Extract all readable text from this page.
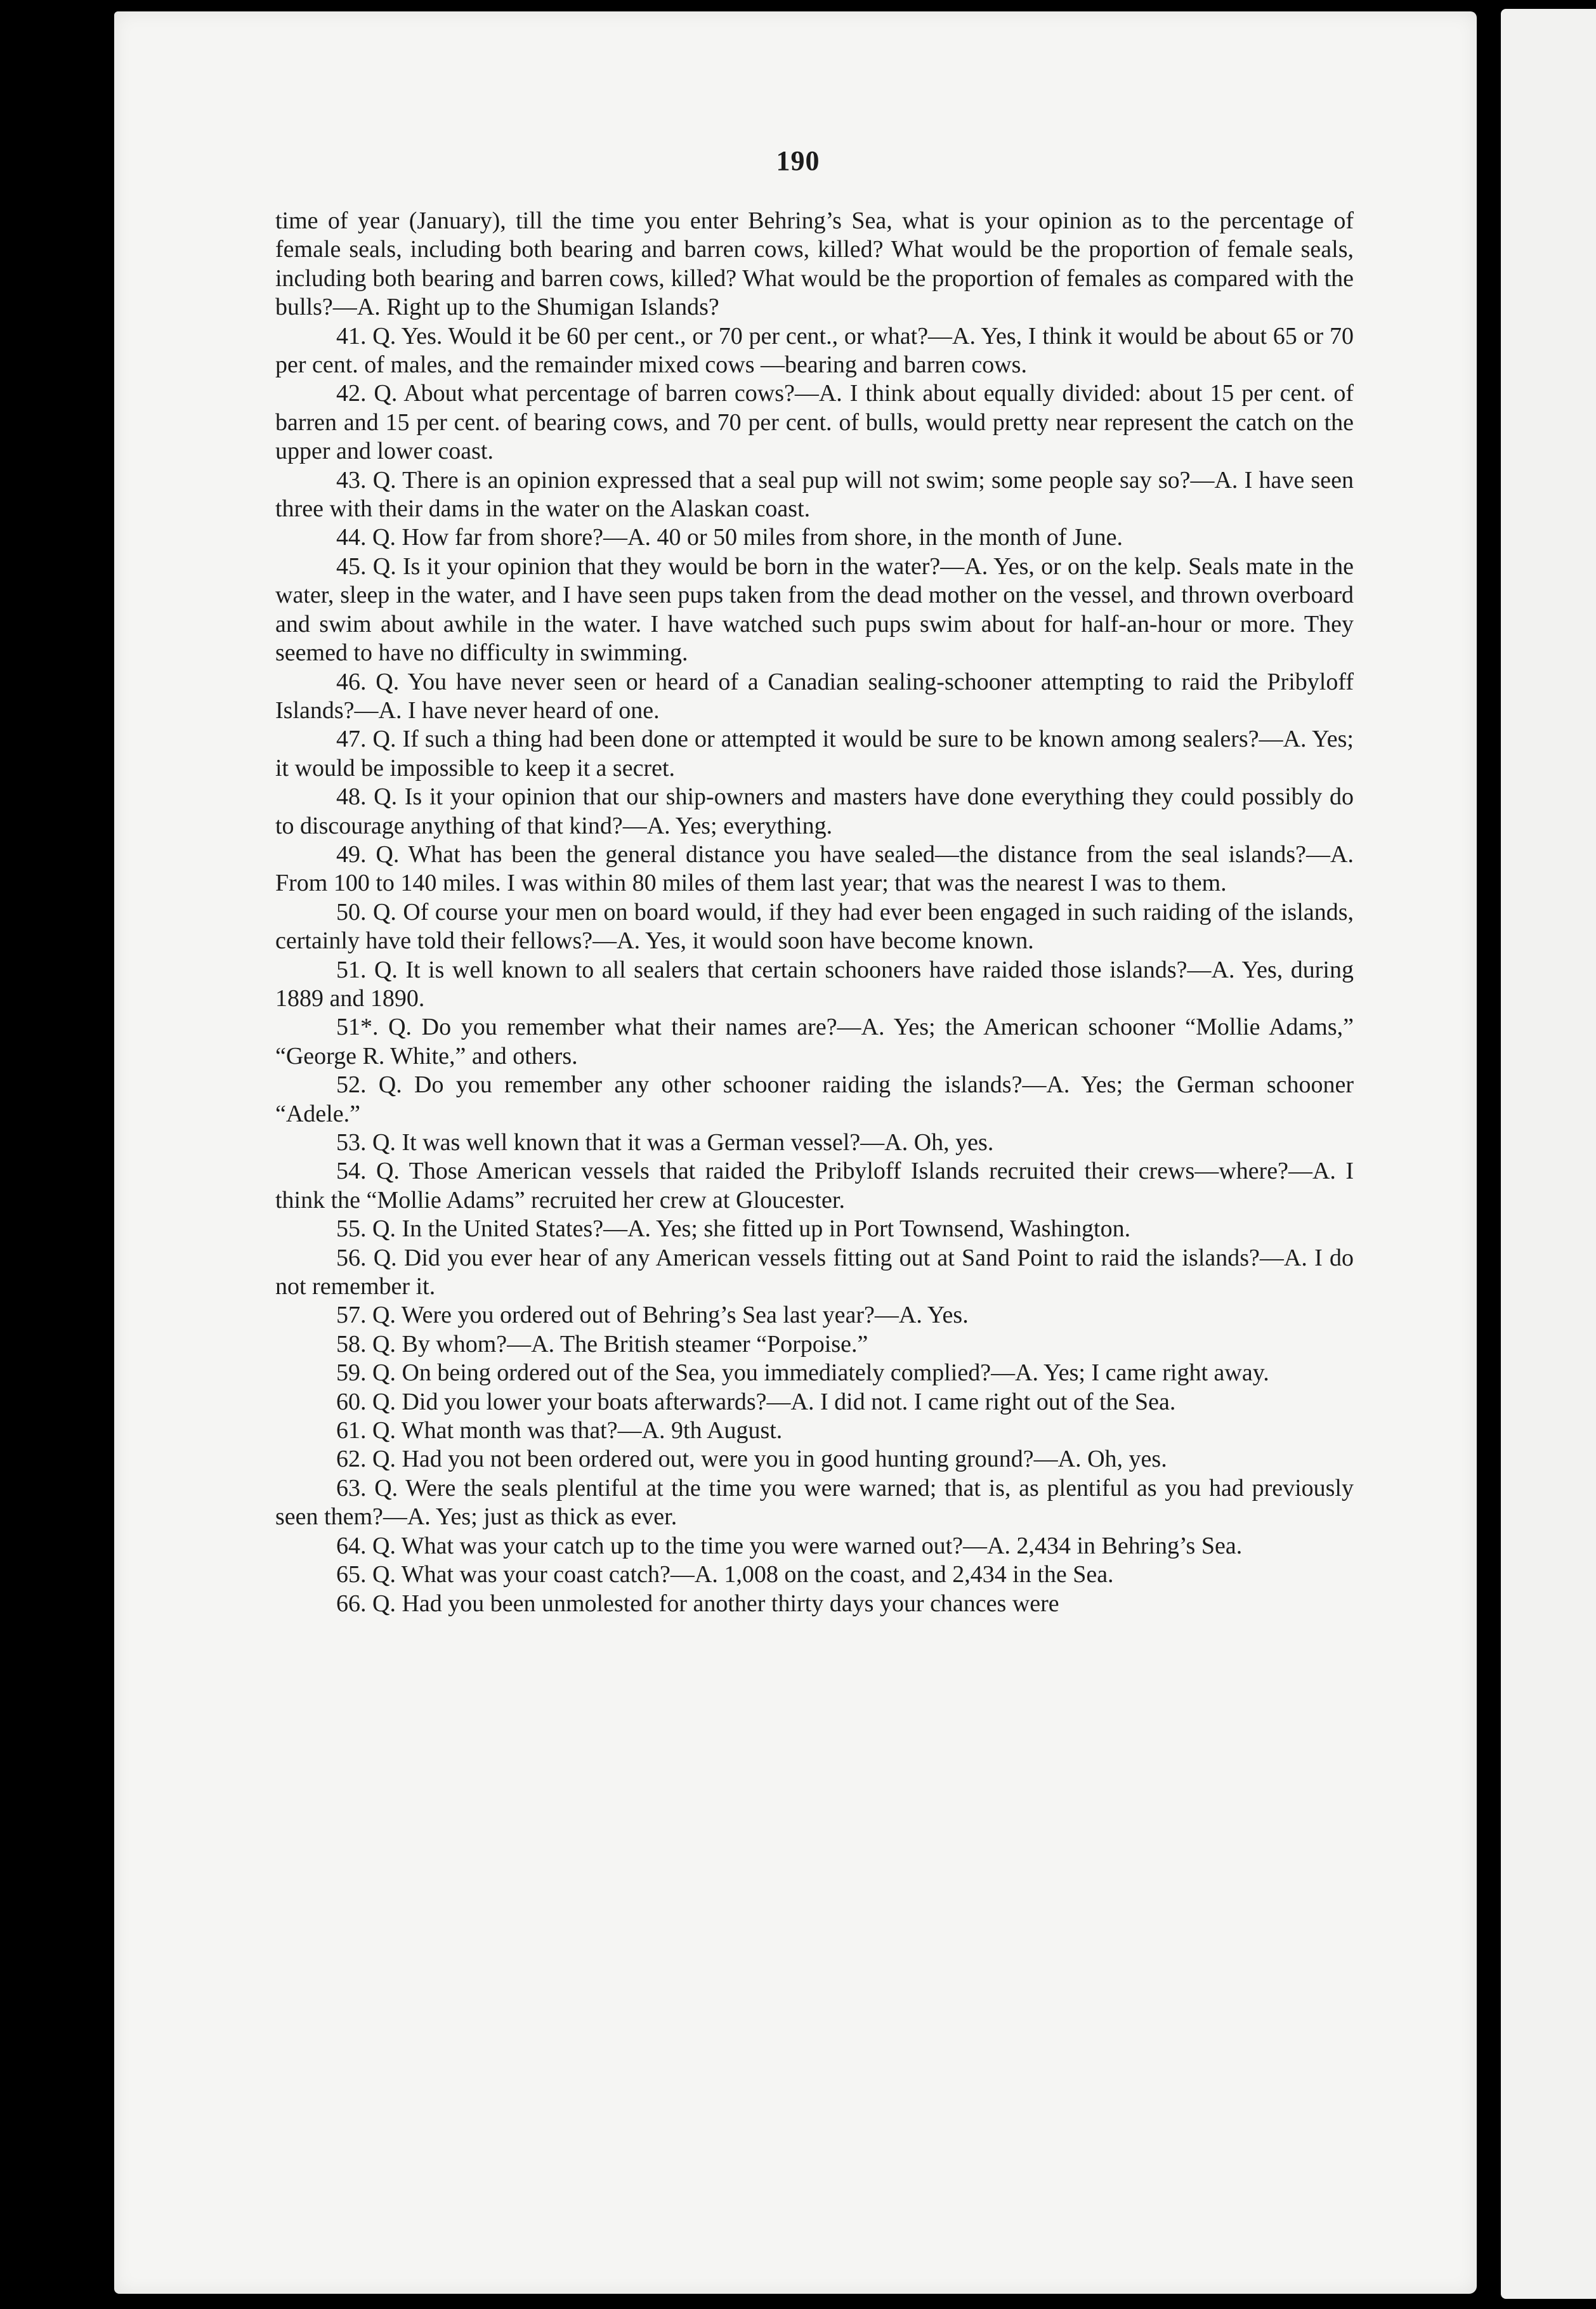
190

time of year (January), till the time you enter Behring’s Sea, what is your opinion as to the percentage of female seals, including both bearing and barren cows, killed? What would be the proportion of female seals, including both bearing and barren cows, killed? What would be the proportion of females as compared with the bulls?—A. Right up to the Shumigan Islands?

41. Q. Yes. Would it be 60 per cent., or 70 per cent., or what?—A. Yes, I think it would be about 65 or 70 per cent. of males, and the remainder mixed cows —bearing and barren cows.

42. Q. About what percentage of barren cows?—A. I think about equally divided: about 15 per cent. of barren and 15 per cent. of bearing cows, and 70 per cent. of bulls, would pretty near represent the catch on the upper and lower coast.

43. Q. There is an opinion expressed that a seal pup will not swim; some people say so?—A. I have seen three with their dams in the water on the Alaskan coast.

44. Q. How far from shore?—A. 40 or 50 miles from shore, in the month of June.

45. Q. Is it your opinion that they would be born in the water?—A. Yes, or on the kelp. Seals mate in the water, sleep in the water, and I have seen pups taken from the dead mother on the vessel, and thrown overboard and swim about awhile in the water. I have watched such pups swim about for half-an-hour or more. They seemed to have no difficulty in swimming.

46. Q. You have never seen or heard of a Canadian sealing-schooner attempting to raid the Pribyloff Islands?—A. I have never heard of one.

47. Q. If such a thing had been done or attempted it would be sure to be known among sealers?—A. Yes; it would be impossible to keep it a secret.

48. Q. Is it your opinion that our ship-owners and masters have done everything they could possibly do to discourage anything of that kind?—A. Yes; everything.

49. Q. What has been the general distance you have sealed—the distance from the seal islands?—A. From 100 to 140 miles. I was within 80 miles of them last year; that was the nearest I was to them.

50. Q. Of course your men on board would, if they had ever been engaged in such raiding of the islands, certainly have told their fellows?—A. Yes, it would soon have become known.

51. Q. It is well known to all sealers that certain schooners have raided those islands?—A. Yes, during 1889 and 1890.

51*. Q. Do you remember what their names are?—A. Yes; the American schooner “Mollie Adams,” “George R. White,” and others.

52. Q. Do you remember any other schooner raiding the islands?—A. Yes; the German schooner “Adele.”

53. Q. It was well known that it was a German vessel?—A. Oh, yes.

54. Q. Those American vessels that raided the Pribyloff Islands recruited their crews—where?—A. I think the “Mollie Adams” recruited her crew at Gloucester.

55. Q. In the United States?—A. Yes; she fitted up in Port Townsend, Washington.

56. Q. Did you ever hear of any American vessels fitting out at Sand Point to raid the islands?—A. I do not remember it.

57. Q. Were you ordered out of Behring’s Sea last year?—A. Yes.

58. Q. By whom?—A. The British steamer “Porpoise.”

59. Q. On being ordered out of the Sea, you immediately complied?—A. Yes; I came right away.

60. Q. Did you lower your boats afterwards?—A. I did not. I came right out of the Sea.

61. Q. What month was that?—A. 9th August.

62. Q. Had you not been ordered out, were you in good hunting ground?—A. Oh, yes.

63. Q. Were the seals plentiful at the time you were warned; that is, as plentiful as you had previously seen them?—A. Yes; just as thick as ever.

64. Q. What was your catch up to the time you were warned out?—A. 2,434 in Behring’s Sea.

65. Q. What was your coast catch?—A. 1,008 on the coast, and 2,434 in the Sea.

66. Q. Had you been unmolested for another thirty days your chances were
